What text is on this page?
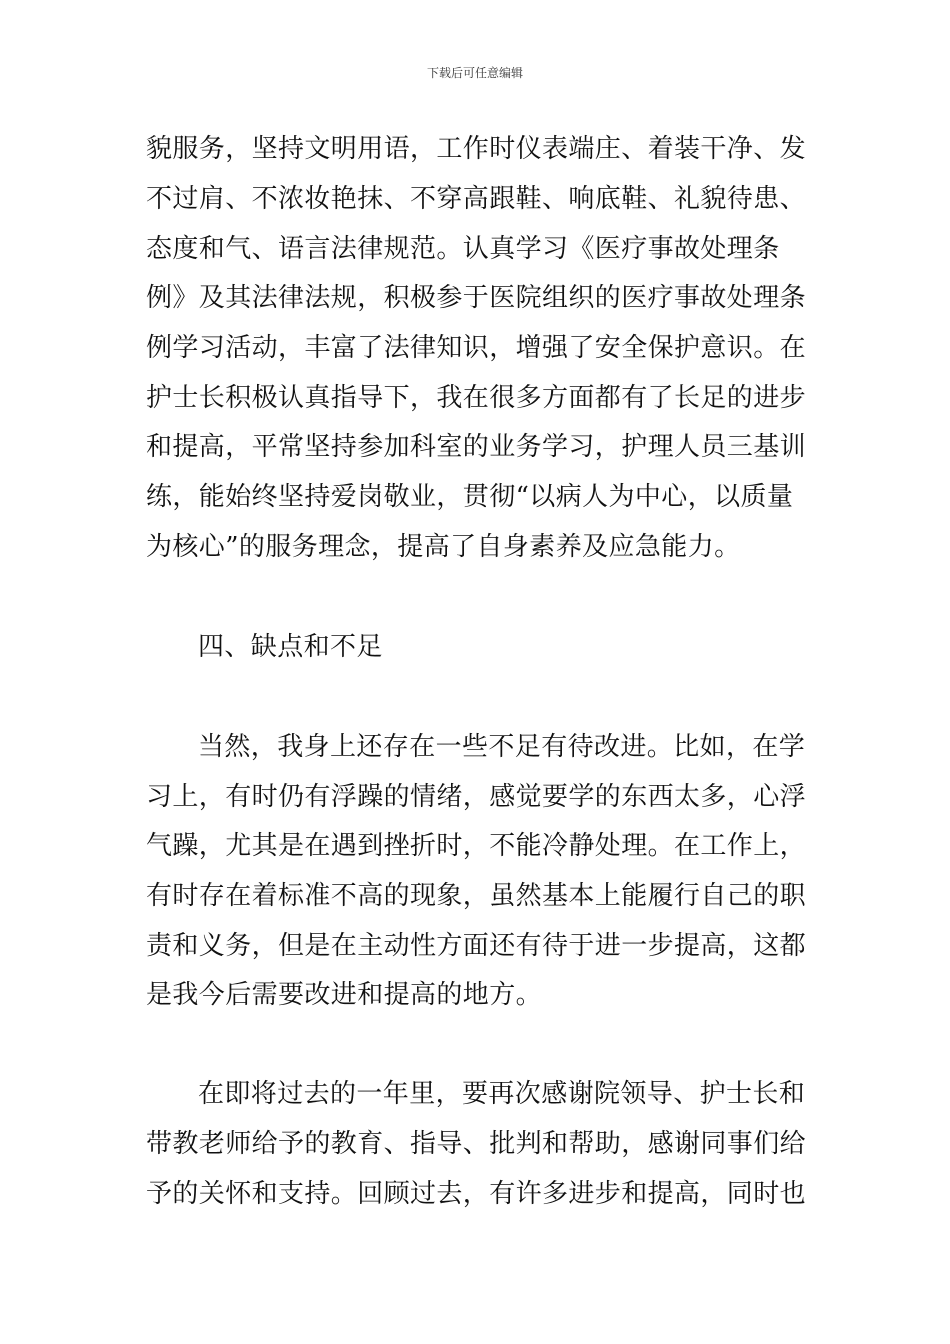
下载后可任意编辑
貌服务，坚持文明用语，工作时仪表端庄、着装干净、发
不过肩、不浓妆艳抹、不穿高跟鞋、响底鞋、礼貌待患、
态度和气、语言法律规范。认真学习《医疗事故处理条
例》及其法律法规，积极参于医院组织的医疗事故处理条
例学习活动，丰富了法律知识，增强了安全保护意识。在
护士长积极认真指导下，我在很多方面都有了长足的进步
和提高，平常坚持参加科室的业务学习，护理人员三基训
练，能始终坚持爱岗敬业，贯彻“以病人为中心，以质量
为核心”的服务理念，提高了自身素养及应急能力。
四、缺点和不足
当然，我身上还存在一些不足有待改进。比如，在学
习上，有时仍有浮躁的情绪，感觉要学的东西太多，心浮
气躁，尤其是在遇到挫折时，不能冷静处理。在工作上，
有时存在着标准不高的现象，虽然基本上能履行自己的职
责和义务，但是在主动性方面还有待于进一步提高，这都
是我今后需要改进和提高的地方。
在即将过去的一年里，要再次感谢院领导、护士长和
带教老师给予的教育、指导、批判和帮助，感谢同事们给
予的关怀和支持。回顾过去，有许多进步和提高，同时也
